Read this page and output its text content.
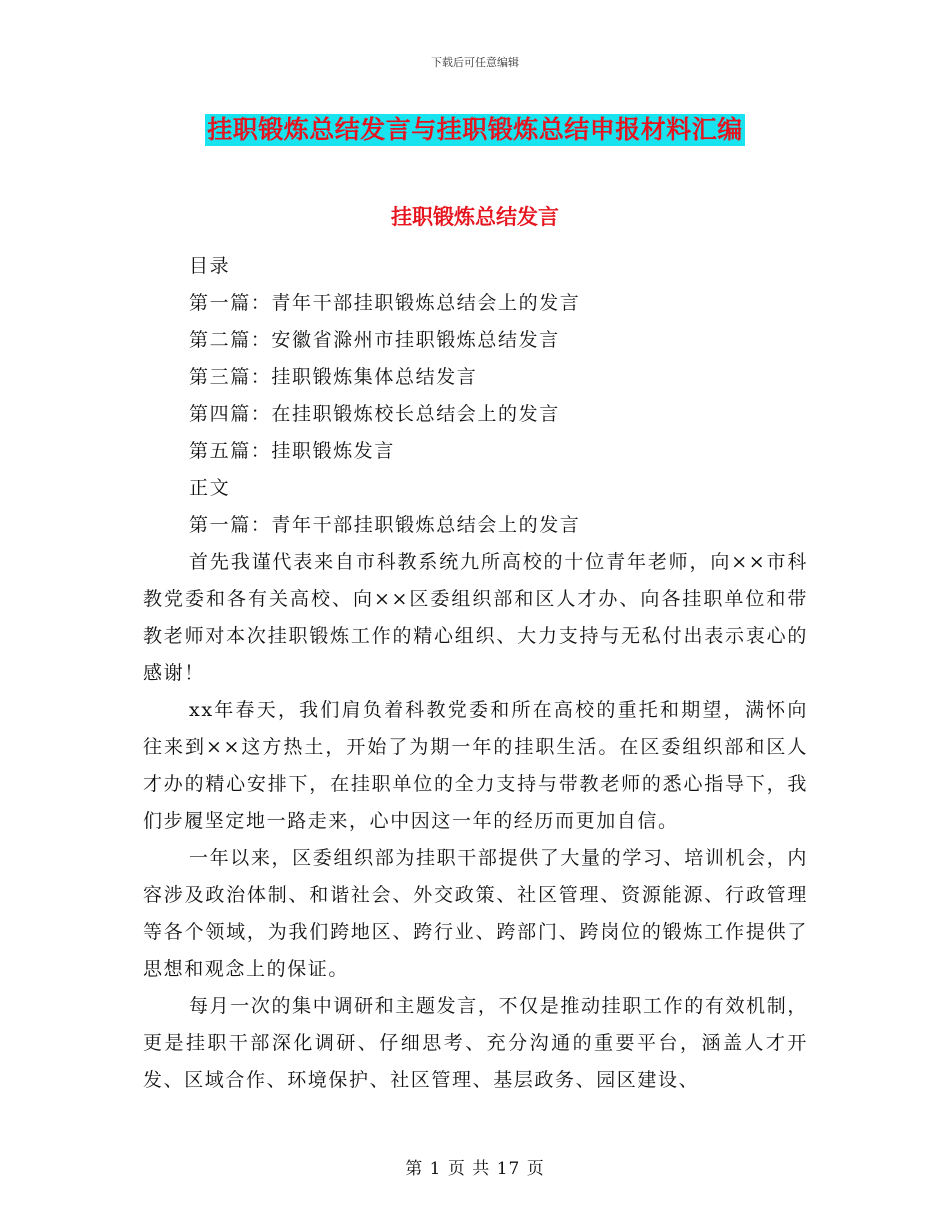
下载后可任意编辑
挂职锻炼总结发言与挂职锻炼总结申报材料汇编
挂职锻炼总结发言

目录

第一篇：青年干部挂职锻炼总结会上的发言

第二篇：安徽省滁州市挂职锻炼总结发言

第三篇：挂职锻炼集体总结发言

第四篇：在挂职锻炼校长总结会上的发言

第五篇：挂职锻炼发言

正文

第一篇：青年干部挂职锻炼总结会上的发言

首先我谨代表来自市科教系统九所高校的十位青年老师，向××市科教党委和各有关高校、向××区委组织部和区人才办、向各挂职单位和带教老师对本次挂职锻炼工作的精心组织、大力支持与无私付出表示衷心的感谢！

xx年春天，我们肩负着科教党委和所在高校的重托和期望，满怀向往来到××这方热土，开始了为期一年的挂职生活。在区委组织部和区人才办的精心安排下，在挂职单位的全力支持与带教老师的悉心指导下，我们步履坚定地一路走来，心中因这一年的经历而更加自信。

一年以来，区委组织部为挂职干部提供了大量的学习、培训机会，内容涉及政治体制、和谐社会、外交政策、社区管理、资源能源、行政管理等各个领域，为我们跨地区、跨行业、跨部门、跨岗位的锻炼工作提供了思想和观念上的保证。

每月一次的集中调研和主题发言，不仅是推动挂职工作的有效机制，更是挂职干部深化调研、仔细思考、充分沟通的重要平台，涵盖人才开发、区域合作、环境保护、社区管理、基层政务、园区建设、

第 1 页 共 17 页
